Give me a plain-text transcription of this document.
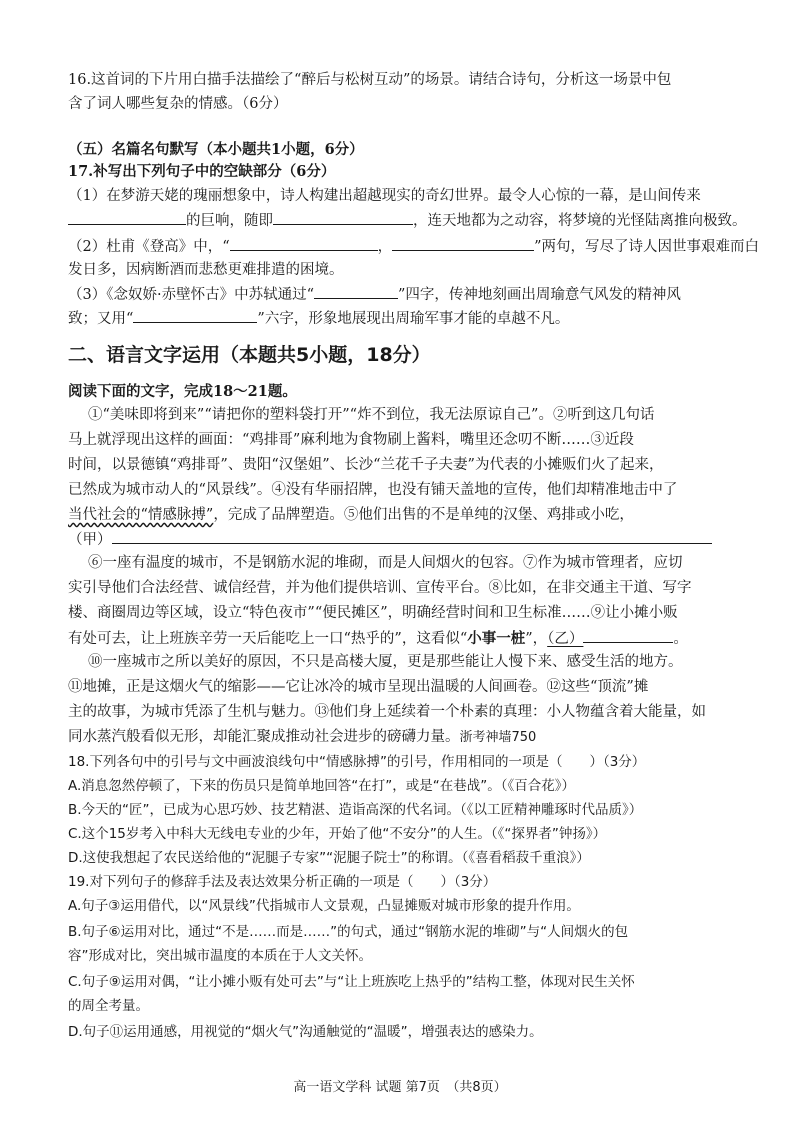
16.这首词的下片用白描手法描绘了“醉后与松树互动”的场景。请结合诗句，分析这一场景中包
含了词人哪些复杂的情感。（6分）
（五）名篇名句默写（本小题共1小题，6分）
17.补写出下列句子中的空缺部分（6分）
（1）在梦游天姥的瑰丽想象中，诗人构建出超越现实的奇幻世界。最令人心惊的一幕，是山间传来
的巨响，随即	，连天地都为之动容，将梦境的光怪陆离推向极致。
（2）杜甫《登高》中，“	，	”两句，写尽了诗人因世事艰难而白
发日多，因病断酒而悲愁更难排遣的困境。
（3）《念奴娇·赤壁怀古》中苏轼通过“	”四字，传神地刻画出周瑜意气风发的精神风
致；又用“	”六字，形象地展现出周瑜军事才能的卓越不凡。
二、语言文字运用（本题共5小题，18分）
阅读下面的文字，完成18～21题。
①“美味即将到来”“请把你的塑料袋打开”“炸不到位，我无法原谅自己”。②听到这几句话
马上就浮现出这样的画面：“鸡排哥”麻利地为食物刷上酱料，嘴里还念叨不断……③近段
时间，以景德镇“鸡排哥”、贵阳“汉堡姐”、长沙“兰花千子夫妻”为代表的小摊贩们火了起来，
已然成为城市动人的“风景线”。④没有华丽招牌，也没有铺天盖地的宣传，他们却精准地击中了
当代社会的“情感脉搏”，完成了品牌塑造。⑤他们出售的不是单纯的汉堡、鸡排或小吃，
（甲）
⑥一座有温度的城市，不是钢筋水泥的堆砌，而是人间烟火的包容。⑦作为城市管理者，应切
实引导他们合法经营、诚信经营，并为他们提供培训、宣传平台。⑧比如，在非交通主干道、写字
楼、商圈周边等区域，设立“特色夜市”“便民摊区”，明确经营时间和卫生标准……⑨让小摊小贩
有处可去，让上班族辛劳一天后能吃上一口“热乎的”，这看似“小事一桩”，（乙）	。
⑩一座城市之所以美好的原因，不只是高楼大厦，更是那些能让人慢下来、感受生活的地方。
⑪地摊，正是这烟火气的缩影——它让冰冷的城市呈现出温暖的人间画卷。⑫这些“顶流”摊
主的故事，为城市凭添了生机与魅力。⑬他们身上延续着一个朴素的真理：小人物蕴含着大能量，如
同水蒸汽般看似无形，却能汇聚成推动社会进步的磅礴力量。浙考神墙750
18.下列各句中的引号与文中画波浪线句中“情感脉搏”的引号，作用相同的一项是（　　）（3分）
A.消息忽然停顿了，下来的伤员只是简单地回答“在打”，或是“在巷战”。（《百合花》）
B.今天的“匠”，已成为心思巧妙、技艺精湛、造诣高深的代名词。（《以工匠精神雕琢时代品质》）
C.这个15岁考入中科大无线电专业的少年，开始了他“不安分”的人生。（《“探界者”钟扬》）
D.这使我想起了农民送给他的“泥腿子专家”“泥腿子院士”的称谓。（《喜看稻菽千重浪》）
19.对下列句子的修辞手法及表达效果分析正确的一项是（　　）（3分）
A.句子③运用借代，以“风景线”代指城市人文景观，凸显摊贩对城市形象的提升作用。
B.句子⑥运用对比，通过“不是……而是……”的句式，通过“钢筋水泥的堆砌”与“人间烟火的包
容”形成对比，突出城市温度的本质在于人文关怀。
C.句子⑨运用对偶，“让小摊小贩有处可去”与“让上班族吃上热乎的”结构工整，体现对民生关怀
的周全考量。
D.句子⑪运用通感，用视觉的“烟火气”沟通触觉的“温暖”，增强表达的感染力。
高一语文学科 试题 第7页　（共8页）
